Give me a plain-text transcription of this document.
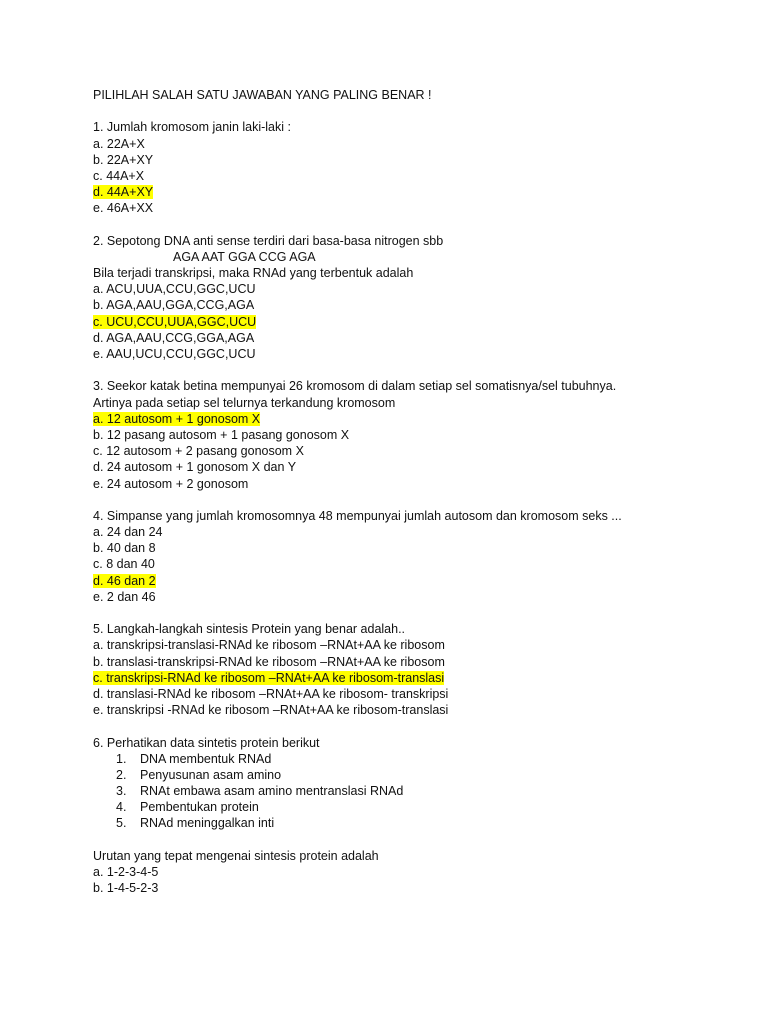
PILIHLAH SALAH SATU JAWABAN YANG PALING BENAR !
1. Jumlah kromosom janin laki-laki :
a. 22A+X
b. 22A+XY
c. 44A+X
d. 44A+XY
e. 46A+XX
2. Sepotong DNA anti sense terdiri dari basa-basa nitrogen sbb
AGA AAT GGA CCG AGA
Bila terjadi transkripsi, maka RNAd yang terbentuk adalah
a. ACU,UUA,CCU,GGC,UCU
b. AGA,AAU,GGA,CCG,AGA
c. UCU,CCU,UUA,GGC,UCU
d. AGA,AAU,CCG,GGA,AGA
e. AAU,UCU,CCU,GGC,UCU
3. Seekor katak betina mempunyai 26 kromosom di dalam setiap sel somatisnya/sel tubuhnya.
Artinya pada setiap sel telurnya terkandung kromosom
a. 12 autosom + 1 gonosom X
b. 12 pasang autosom + 1 pasang gonosom X
c. 12 autosom + 2 pasang gonosom X
d. 24 autosom + 1 gonosom X dan Y
e. 24 autosom + 2 gonosom
4. Simpanse yang jumlah kromosomnya 48 mempunyai jumlah autosom dan kromosom seks ...
a. 24 dan 24
b. 40 dan 8
c. 8 dan 40
d. 46 dan 2
e. 2 dan 46
5. Langkah-langkah sintesis Protein yang benar adalah..
a. transkripsi-translasi-RNAd ke ribosom –RNAt+AA ke ribosom
b. translasi-transkripsi-RNAd ke ribosom –RNAt+AA ke ribosom
c. transkripsi-RNAd ke ribosom –RNAt+AA ke ribosom-translasi
d. translasi-RNAd ke ribosom –RNAt+AA ke ribosom- transkripsi
e. transkripsi -RNAd ke ribosom –RNAt+AA ke ribosom-translasi
6. Perhatikan data sintetis protein berikut
1. DNA membentuk RNAd
2. Penyusunan asam amino
3. RNAt embawa asam amino mentranslasi RNAd
4. Pembentukan protein
5. RNAd meninggalkan inti
Urutan yang tepat mengenai sintesis protein adalah
a. 1-2-3-4-5
b. 1-4-5-2-3
